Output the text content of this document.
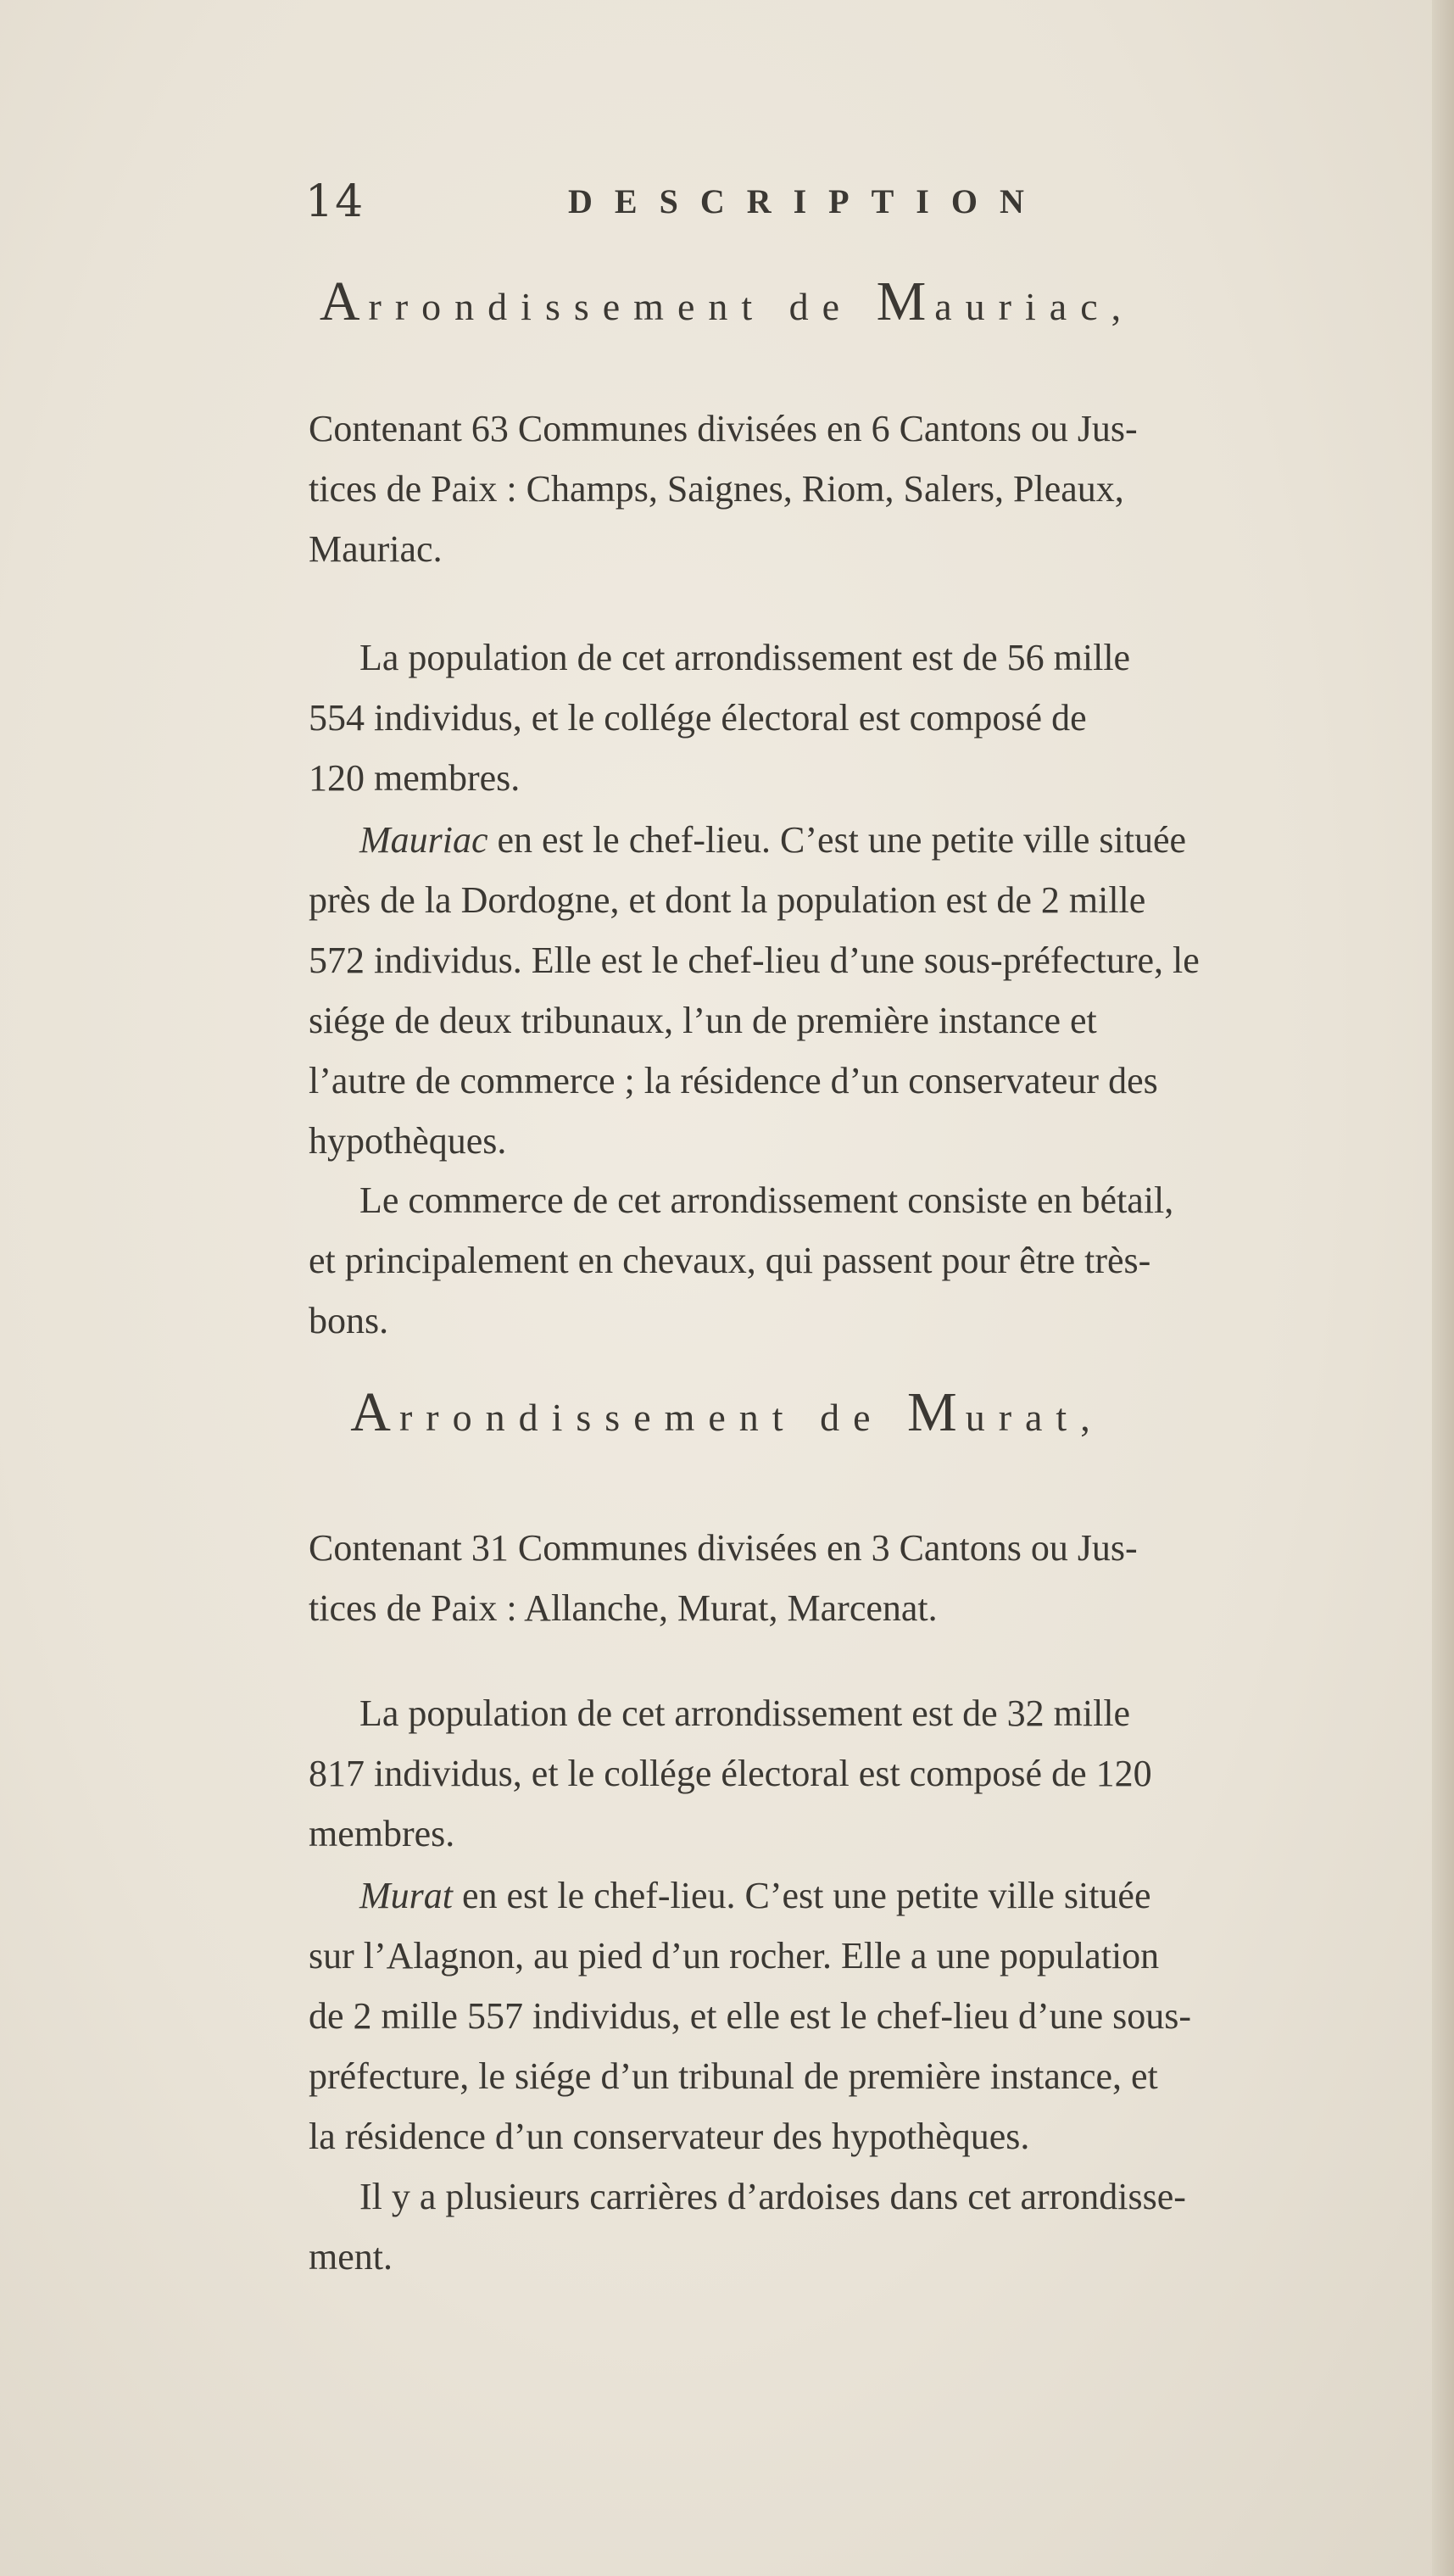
14	DESCRIPTION
Arrondissement de Mauriac,

Contenant 63 Communes divisées en 6 Cantons ou Jus-
tices de Paix : Champs, Saignes, Riom, Salers, Pleaux,
Mauriac.

La population de cet arrondissement est de 56 mille
554 individus, et le collége électoral est composé de
120 membres.

Mauriac en est le chef-lieu. C’est une petite ville située
près de la Dordogne, et dont la population est de 2 mille
572 individus. Elle est le chef-lieu d’une sous-préfecture, le
siége de deux tribunaux, l’un de première instance et
l’autre de commerce ; la résidence d’un conservateur des
hypothèques.

Le commerce de cet arrondissement consiste en bétail,
et principalement en chevaux, qui passent pour être très-
bons.

Arrondissement de Murat,

Contenant 31 Communes divisées en 3 Cantons ou Jus-
tices de Paix : Allanche, Murat, Marcenat.

La population de cet arrondissement est de 32 mille
817 individus, et le collége électoral est composé de 120
membres.

Murat en est le chef-lieu. C’est une petite ville située
sur l’Alagnon, au pied d’un rocher. Elle a une population
de 2 mille 557 individus, et elle est le chef-lieu d’une sous-
préfecture, le siége d’un tribunal de première instance, et
la résidence d’un conservateur des hypothèques.

Il y a plusieurs carrières d’ardoises dans cet arrondisse-
ment.
